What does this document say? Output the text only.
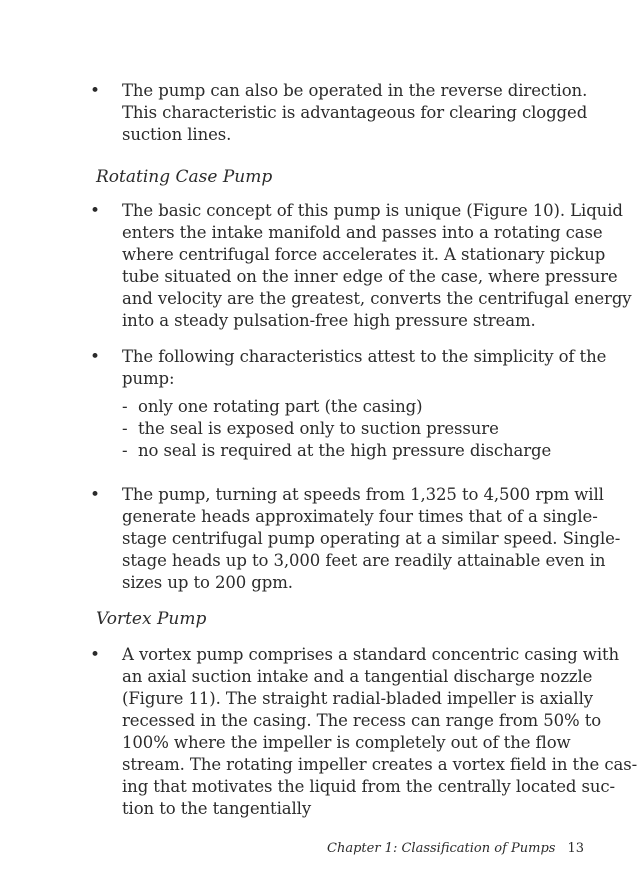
• The pump can also be operated in the reverse direction.
This characteristic is advantageous for clearing clogged
suction lines.
Rotating Case Pump
• The basic concept of this pump is unique (Figure 10). Liquid
enters the intake manifold and passes into a rotating case
where centrifugal force accelerates it. A stationary pickup
tube situated on the inner edge of the case, where pressure
and velocity are the greatest, converts the centrifugal energy
into a steady pulsation-free high pressure stream.
• The following characteristics attest to the simplicity of the
pump:
- only one rotating part (the casing)
- the seal is exposed only to suction pressure
- no seal is required at the high pressure discharge
• The pump, turning at speeds from 1,325 to 4,500 rpm will
generate heads approximately four times that of a single-
stage centrifugal pump operating at a similar speed. Single-
stage heads up to 3,000 feet are readily attainable even in
sizes up to 200 gpm.
Vortex Pump
• A vortex pump comprises a standard concentric casing with
an axial suction intake and a tangential discharge nozzle
(Figure 11). The straight radial-bladed impeller is axially
recessed in the casing. The recess can range from 50% to
100% where the impeller is completely out of the flow
stream. The rotating impeller creates a vortex field in the cas-
ing that motivates the liquid from the centrally located suc-
tion to the tangentially
Chapter 1: Classification of Pumps 13
